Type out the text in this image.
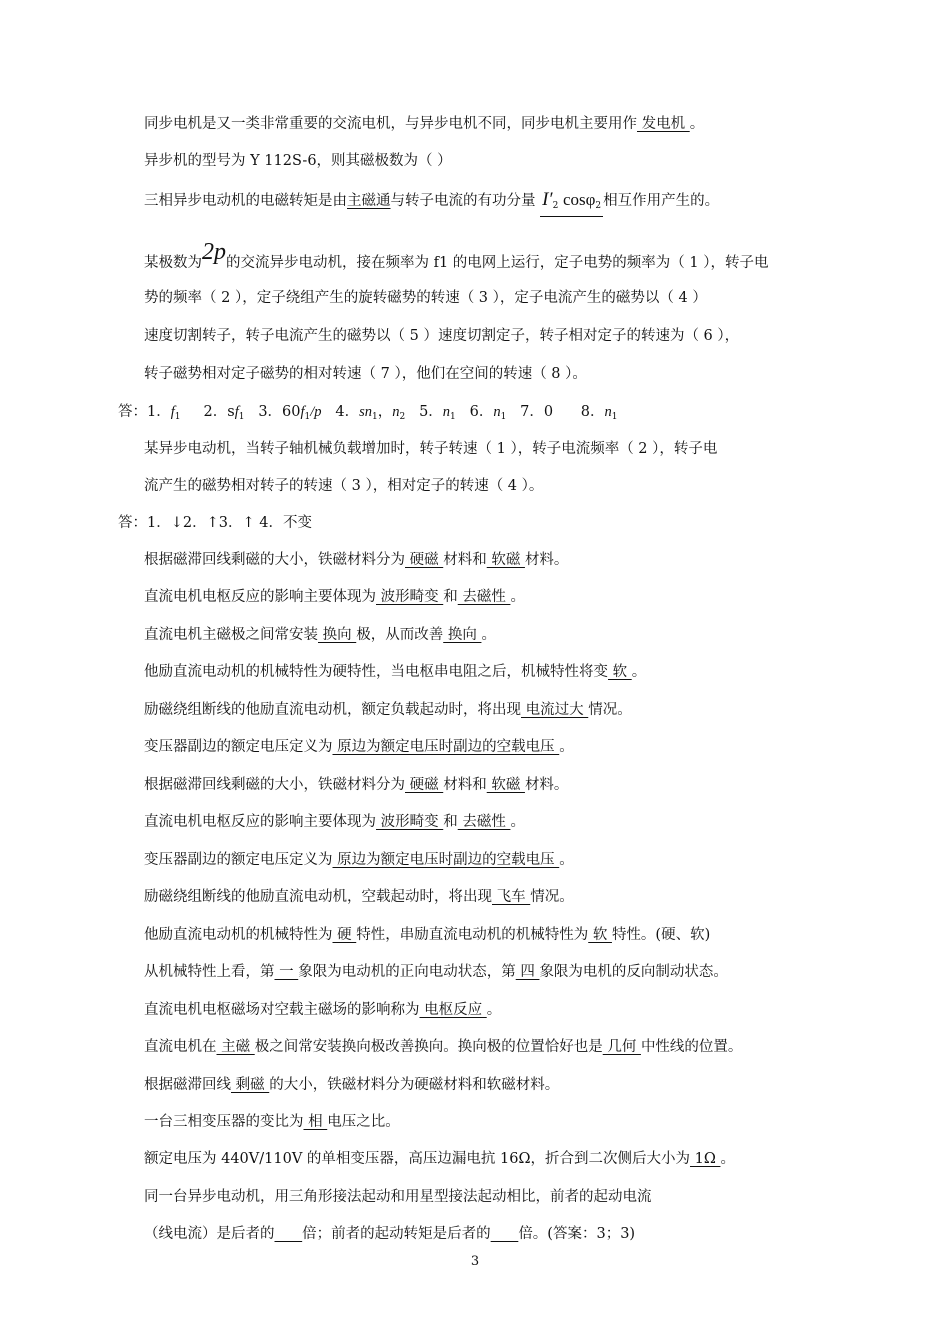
同步电机是又一类非常重要的交流电机，与异步电机不同，同步电机主要用作 发电机 。
异步机的型号为 Y 112S-6，则其磁极数为（ ）
三相异步电动机的电磁转矩是由主磁通与转子电流的有功分量 $I'_2$ cosφ$_2$ 相互作用产生的。
某极数为2p的交流异步电动机，接在频率为 f1 的电网上运行，定子电势的频率为（ 1 ），转子电
势的频率（ 2 ），定子绕组产生的旋转磁势的转速（ 3 ），定子电流产生的磁势以（ 4 ）
速度切割转子，转子电流产生的磁势以（ 5 ）速度切割定子，转子相对定子的转速为（ 6 ），
转子磁势相对定子磁势的相对转速（ 7 ），他们在空间的转速（ 8 ）。
答：1．$f_1$ 2．$sf_1$ 3．$60f_1/p$ 4．$sn_1$，$n_2$ 5．$n_1$ 6．$n_1$ 7．0 8．$n_1$
某异步电动机，当转子轴机械负载增加时，转子转速（ 1 ），转子电流频率（ 2 ），转子电
流产生的磁势相对转子的转速（ 3 ），相对定子的转速（ 4 ）。
答：1．↓2．↑3．↑ 4．不变
根据磁滞回线剩磁的大小，铁磁材料分为 硬磁 材料和 软磁 材料。
直流电机电枢反应的影响主要体现为 波形畸变 和 去磁性 。
直流电机主磁极之间常安装 换向 极，从而改善 换向 。
他励直流电动机的机械特性为硬特性，当电枢串电阻之后，机械特性将变 软 。
励磁绕组断线的他励直流电动机，额定负载起动时，将出现 电流过大 情况。
变压器副边的额定电压定义为 原边为额定电压时副边的空载电压 。
根据磁滞回线剩磁的大小，铁磁材料分为 硬磁 材料和 软磁 材料。
直流电机电枢反应的影响主要体现为 波形畸变 和 去磁性 。
变压器副边的额定电压定义为 原边为额定电压时副边的空载电压 。
励磁绕组断线的他励直流电动机，空载起动时，将出现 飞车 情况。
他励直流电动机的机械特性为 硬 特性，串励直流电动机的机械特性为 软 特性。(硬、软)
从机械特性上看，第 一 象限为电动机的正向电动状态，第 四 象限为电机的反向制动状态。
直流电机电枢磁场对空载主磁场的影响称为 电枢反应 。
直流电机在 主磁 极之间常安装换向极改善换向。换向极的位置恰好也是 几何 中性线的位置。
根据磁滞回线 剩磁 的大小，铁磁材料分为硬磁材料和软磁材料。
一台三相变压器的变比为 相 电压之比。
额定电压为 440V/110V 的单相变压器，高压边漏电抗 16Ω，折合到二次侧后大小为 1Ω 。
同一台异步电动机，用三角形接法起动和用星型接法起动相比，前者的起动电流
（线电流）是后者的 倍；前者的起动转矩是后者的 倍。(答案：3；3)
3
